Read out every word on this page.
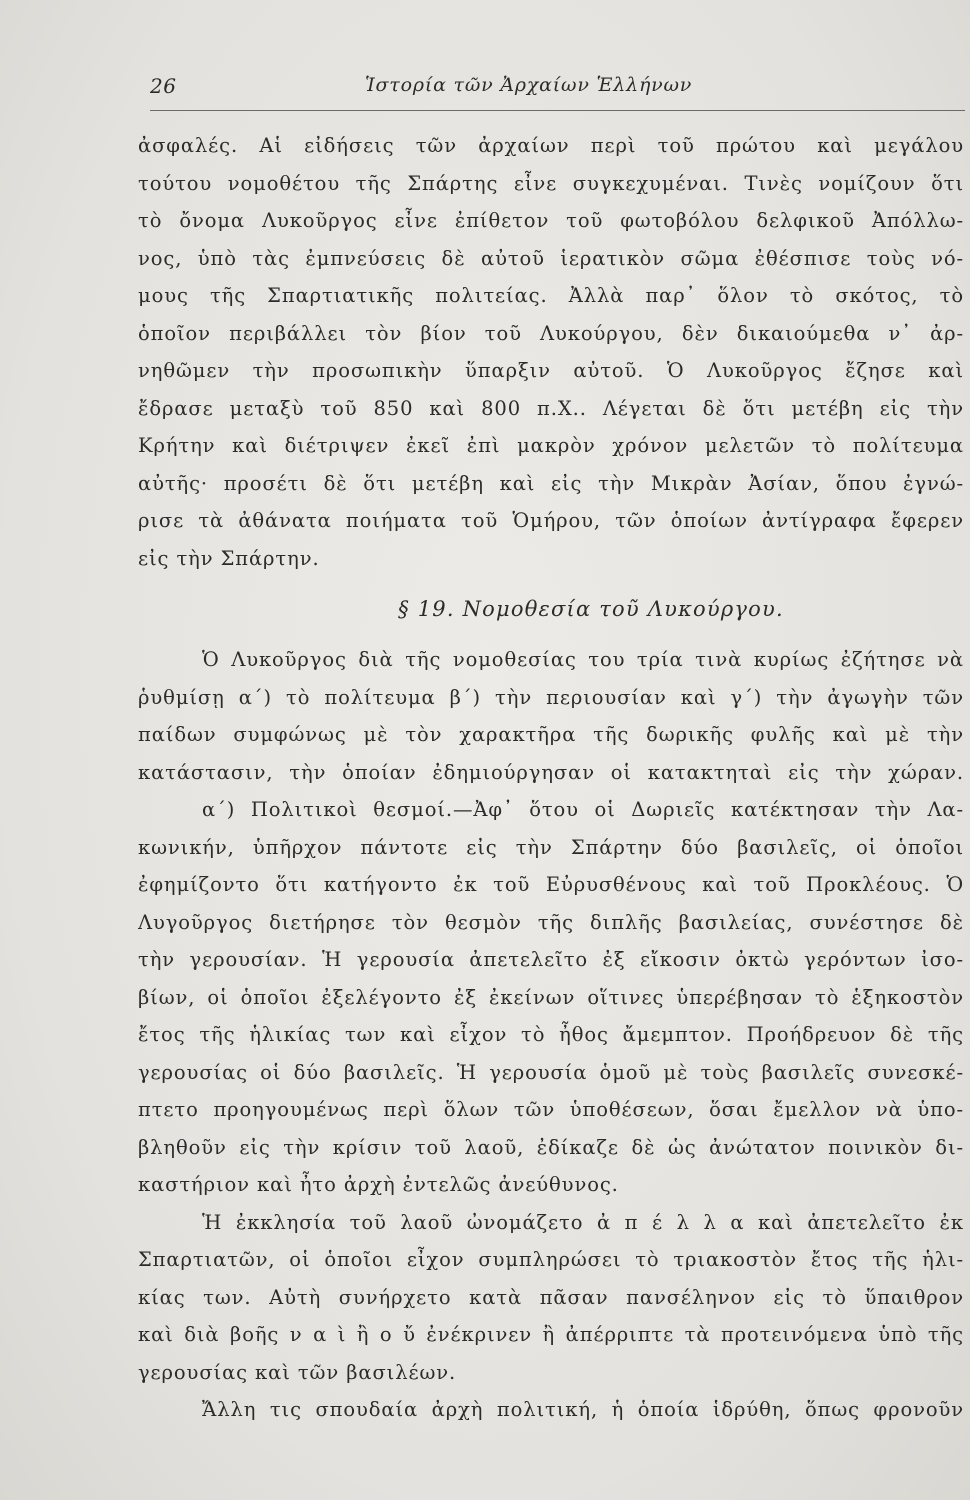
26	Ἱστορία τῶν Ἀρχαίων Ἑλλήνων
ἀσφαλές. Αἱ εἰδήσεις τῶν ἀρχαίων περὶ τοῦ πρώτου καὶ μεγάλου
τούτου νομοθέτου τῆς Σπάρτης εἶνε συγκεχυμέναι. Τινὲς νομίζουν ὅτι
τὸ ὄνομα Λυκοῦργος εἶνε ἐπίθετον τοῦ φωτοβόλου δελφικοῦ Ἀπόλλω-
νος, ὑπὸ τὰς ἐμπνεύσεις δὲ αὐτοῦ ἱερατικὸν σῶμα ἐθέσπισε τοὺς νό-
μους τῆς Σπαρτιατικῆς πολιτείας. Ἀλλὰ παρ᾿ ὅλον τὸ σκότος, τὸ
ὁποῖον περιβάλλει τὸν βίον τοῦ Λυκούργου, δὲν δικαιούμεθα ν᾿ ἀρ-
νηθῶμεν τὴν προσωπικὴν ὕπαρξιν αὐτοῦ. Ὁ Λυκοῦργος ἔζησε καὶ
ἔδρασε μεταξὺ τοῦ 850 καὶ 800 π.Χ.. Λέγεται δὲ ὅτι μετέβη εἰς τὴν
Κρήτην καὶ διέτριψεν ἐκεῖ ἐπὶ μακρὸν χρόνον μελετῶν τὸ πολίτευμα
αὐτῆς· προσέτι δὲ ὅτι μετέβη καὶ εἰς τὴν Μικρὰν Ἀσίαν, ὅπου ἐγνώ-
ρισε τὰ ἀθάνατα ποιήματα τοῦ Ὁμήρου, τῶν ὁποίων ἀντίγραφα ἔφερεν
εἰς τὴν Σπάρτην.
§ 19. Νομοθεσία τοῦ Λυκούργου.
Ὁ Λυκοῦργος διὰ τῆς νομοθεσίας του τρία τινὰ κυρίως ἐζήτησε νὰ
ῥυθμίσῃ α΄) τὸ πολίτευμα β΄) τὴν περιουσίαν καὶ γ΄) τὴν ἀγωγὴν τῶν
παίδων συμφώνως μὲ τὸν χαρακτῆρα τῆς δωρικῆς φυλῆς καὶ μὲ τὴν
κατάστασιν, τὴν ὁποίαν ἐδημιούργησαν οἱ κατακτηταὶ εἰς τὴν χώραν.
α΄) Πολιτικοὶ θεσμοί.—Ἀφ᾿ ὅτου οἱ Δωριεῖς κατέκτησαν τὴν Λα-
κωνικήν, ὑπῆρχον πάντοτε εἰς τὴν Σπάρτην δύο βασιλεῖς, οἱ ὁποῖοι
ἐφημίζοντο ὅτι κατήγοντο ἐκ τοῦ Εὐρυσθένους καὶ τοῦ Προκλέους. Ὁ
Λυγοῦργος διετήρησε τὸν θεσμὸν τῆς διπλῆς βασιλείας, συνέστησε δὲ
τὴν γερουσίαν. Ἡ γερουσία ἀπετελεῖτο ἐξ εἴκοσιν ὀκτὼ γερόντων ἰσο-
βίων, οἱ ὁποῖοι ἐξελέγοντο ἐξ ἐκείνων οἵτινες ὑπερέβησαν τὸ ἑξηκοστὸν
ἔτος τῆς ἡλικίας των καὶ εἶχον τὸ ἦθος ἄμεμπτον. Προήδρευον δὲ τῆς
γερουσίας οἱ δύο βασιλεῖς. Ἡ γερουσία ὁμοῦ μὲ τοὺς βασιλεῖς συνεσκέ-
πτετο προηγουμένως περὶ ὅλων τῶν ὑποθέσεων, ὅσαι ἔμελλον νὰ ὑπο-
βληθοῦν εἰς τὴν κρίσιν τοῦ λαοῦ, ἐδίκαζε δὲ ὡς ἀνώτατον ποινικὸν δι-
καστήριον καὶ ἦτο ἀρχὴ ἐντελῶς ἀνεύθυνος.
Ἡ ἐκκλησία τοῦ λαοῦ ὠνομάζετο ἀ π έ λ λ α καὶ ἀπετελεῖτο ἐκ
Σπαρτιατῶν, οἱ ὁποῖοι εἶχον συμπληρώσει τὸ τριακοστὸν ἔτος τῆς ἡλι-
κίας των. Αὐτὴ συνήρχετο κατὰ πᾶσαν πανσέληνον εἰς τὸ ὕπαιθρον
καὶ διὰ βοῆς ν α ὶ ἢ ο ὔ ἐνέκρινεν ἢ ἀπέρριπτε τὰ προτεινόμενα ὑπὸ τῆς
γερουσίας καὶ τῶν βασιλέων.
Ἄλλη τις σπουδαία ἀρχὴ πολιτική, ἡ ὁποία ἱδρύθη, ὅπως φρονοῦν
